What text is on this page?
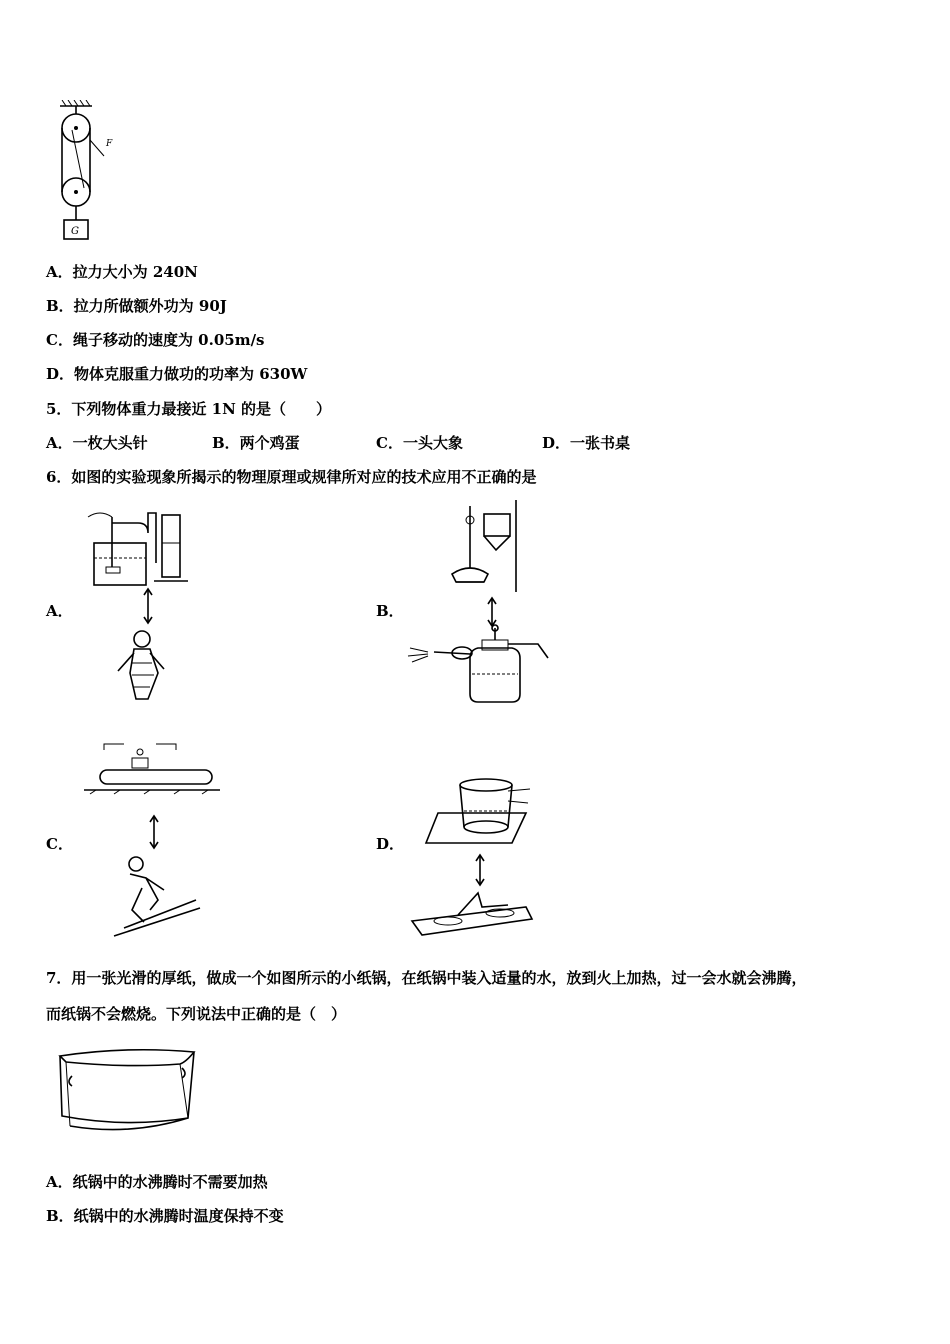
F
G
A．拉力大小为 240N
B．拉力所做额外功为 90J
C．绳子移动的速度为 0.05m/s
D．物体克服重力做功的功率为 630W
5．下列物体重力最接近 1N 的是（　　）
A．一枚大头针	B．两个鸡蛋	C．一头大象	D．一张书桌
6．如图的实验现象所揭示的物理原理或规律所对应的技术应用不正确的是
A．	B．
C．	D．
7．用一张光滑的厚纸，做成一个如图所示的小纸锅，在纸锅中装入适量的水，放到火上加热，过一会水就会沸腾，
而纸锅不会燃烧。下列说法中正确的是（　）
A．纸锅中的水沸腾时不需要加热
B．纸锅中的水沸腾时温度保持不变
